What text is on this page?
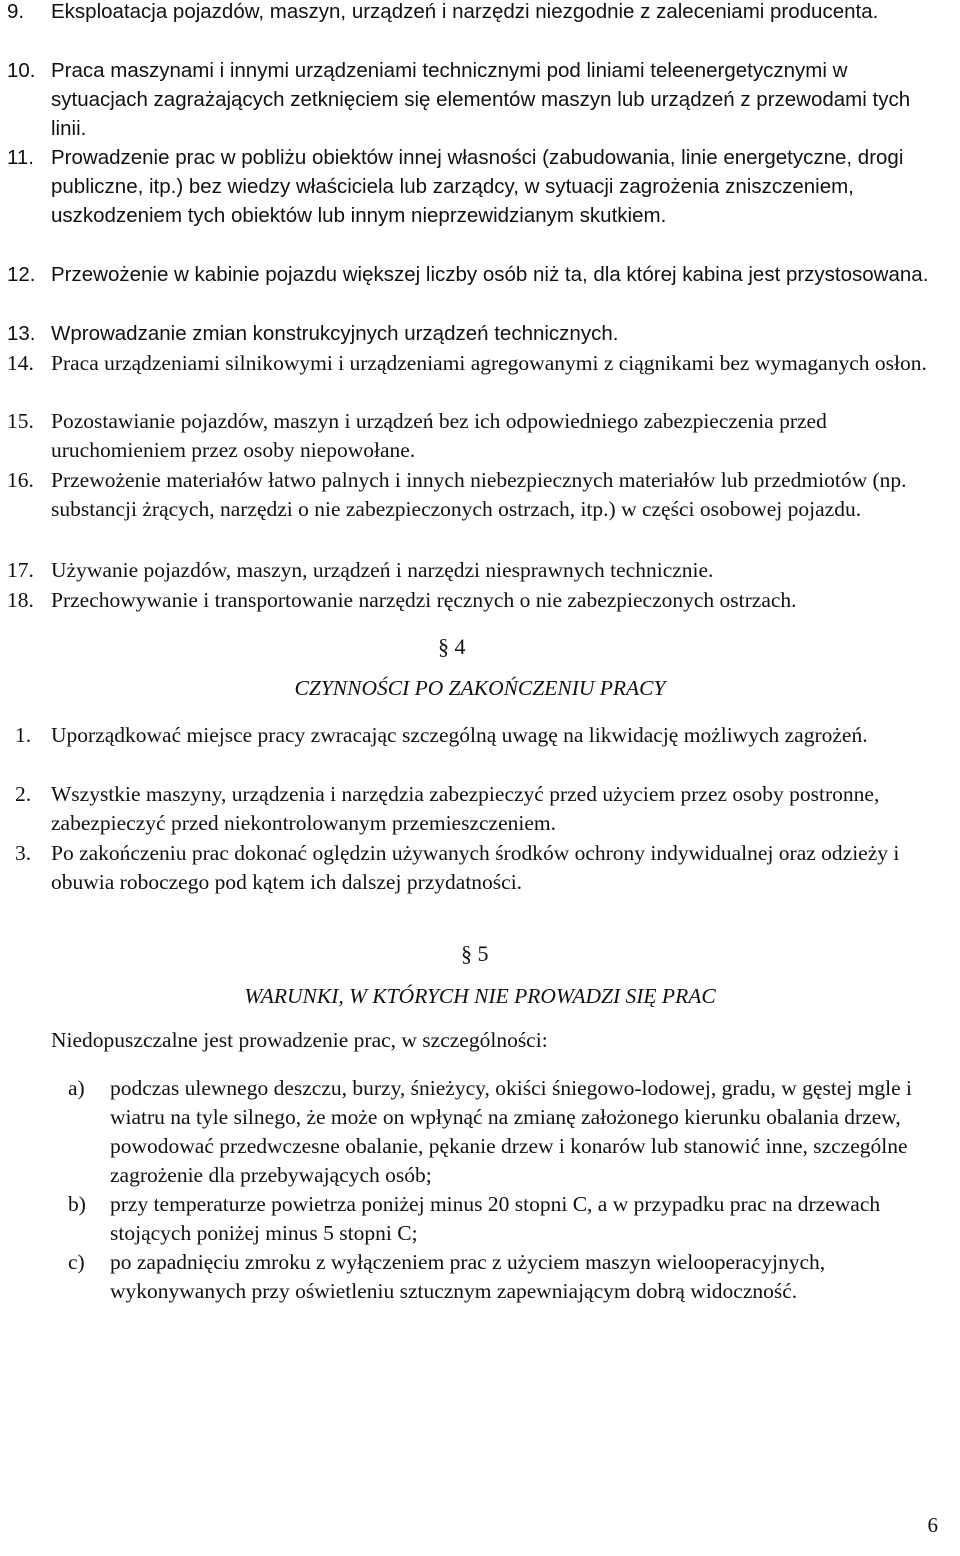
9. Eksploatacja pojazdów, maszyn, urządzeń i narzędzi niezgodnie z zaleceniami producenta.
10. Praca maszynami i innymi urządzeniami technicznymi pod liniami teleenergetycznymi w sytuacjach zagrażających zetknięciem się elementów maszyn lub urządzeń z przewodami tych linii.
11. Prowadzenie prac w pobliżu obiektów innej własności (zabudowania, linie energetyczne, drogi publiczne, itp.) bez wiedzy właściciela lub zarządcy, w sytuacji zagrożenia zniszczeniem, uszkodzeniem tych obiektów lub innym nieprzewidzianym skutkiem.
12. Przewożenie w kabinie pojazdu większej liczby osób niż ta, dla której kabina jest przystosowana.
13. Wprowadzanie zmian konstrukcyjnych urządzeń technicznych.
14. Praca urządzeniami silnikowymi i urządzeniami agregowanymi z ciągnikami bez wymaganych osłon.
15. Pozostawianie pojazdów, maszyn i urządzeń bez ich odpowiedniego zabezpieczenia przed uruchomieniem przez osoby niepowołane.
16. Przewożenie materiałów łatwo palnych i innych niebezpiecznych materiałów lub przedmiotów (np. substancji żrących, narzędzi o nie zabezpieczonych ostrzach, itp.) w części osobowej pojazdu.
17. Używanie pojazdów, maszyn, urządzeń i narzędzi niesprawnych technicznie.
18. Przechowywanie i transportowanie narzędzi ręcznych o nie zabezpieczonych ostrzach.
§ 4
CZYNNOŚCI PO ZAKOŃCZENIU PRACY
1. Uporządkować miejsce pracy zwracając szczególną uwagę na likwidację możliwych zagrożeń.
2. Wszystkie maszyny, urządzenia i narzędzia zabezpieczyć przed użyciem przez osoby postronne, zabezpieczyć przed niekontrolowanym przemieszczeniem.
3. Po zakończeniu prac dokonać oględzin używanych środków ochrony indywidualnej oraz odzieży i obuwia roboczego pod kątem ich dalszej przydatności.
§ 5
WARUNKI, W KTÓRYCH NIE PROWADZI SIĘ PRAC
Niedopuszczalne jest prowadzenie prac, w szczególności:
a) podczas ulewnego deszczu, burzy, śnieżycy, okiści śniegowo-lodowej, gradu, w gęstej mgle i wiatru na tyle silnego, że może on wpłynąć na zmianę założonego kierunku obalania drzew, powodować przedwczesne obalanie, pękanie drzew i konarów lub stanowić inne, szczególne zagrożenie dla przebywających osób;
b) przy temperaturze powietrza poniżej minus 20 stopni C, a w przypadku prac na drzewach stojących poniżej minus 5 stopni C;
c) po zapadnięciu zmroku z wyłączeniem prac z użyciem maszyn wielooperacyjnych, wykonywanych przy oświetleniu sztucznym zapewniającym dobrą widoczność.
6
